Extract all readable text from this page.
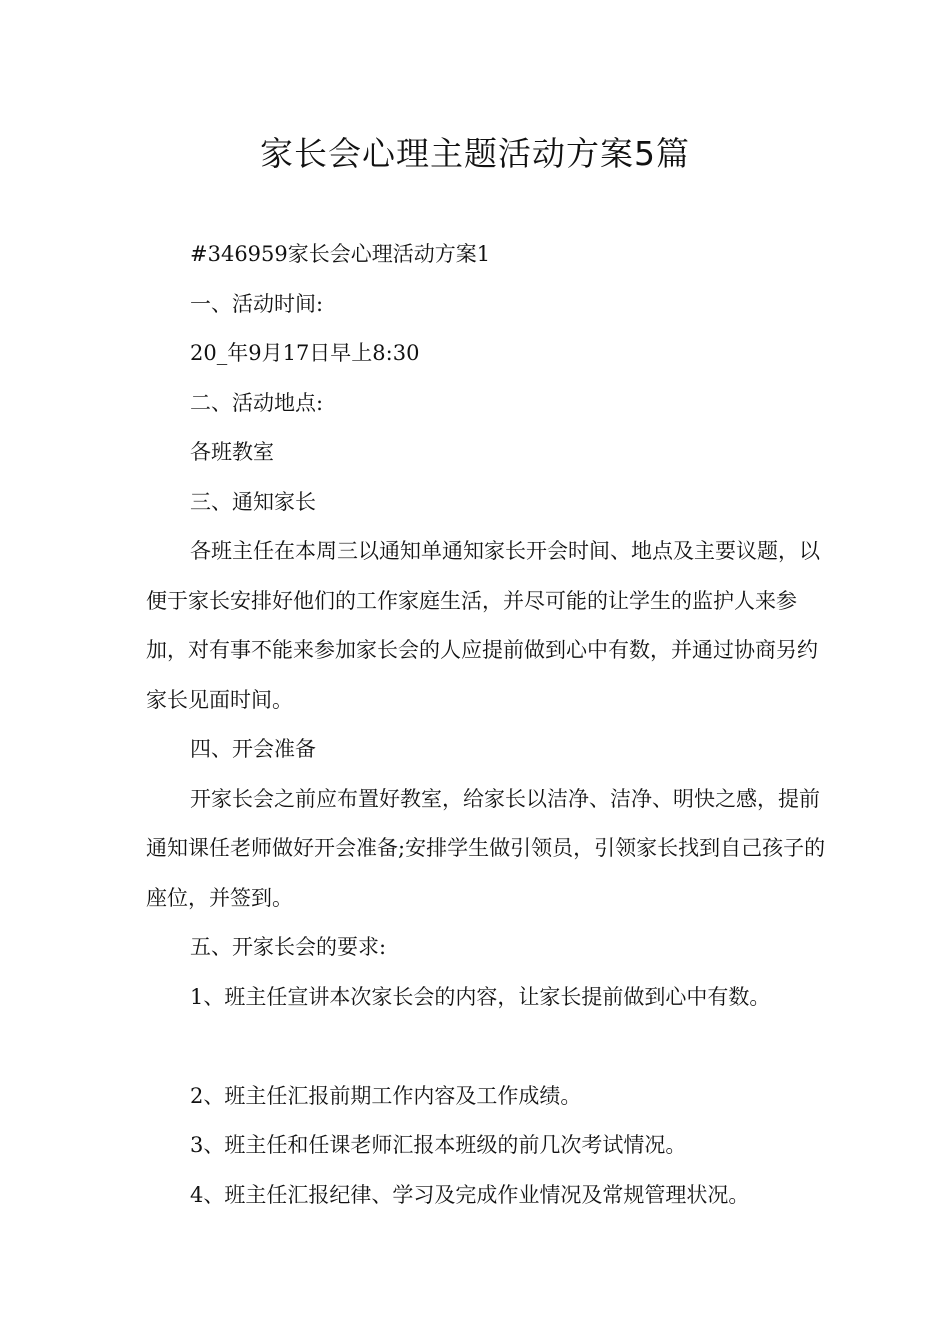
家长会心理主题活动方案5篇

#346959家长会心理活动方案1

一、活动时间:

20_年9月17日早上8:30

二、活动地点:

各班教室

三、通知家长

各班主任在本周三以通知单通知家长开会时间、地点及主要议题，以便于家长安排好他们的工作家庭生活，并尽可能的让学生的监护人来参加，对有事不能来参加家长会的人应提前做到心中有数，并通过协商另约家长见面时间。

四、开会准备

开家长会之前应布置好教室，给家长以洁净、洁净、明快之感，提前通知课任老师做好开会准备;安排学生做引领员，引领家长找到自己孩子的座位，并签到。

五、开家长会的要求:

1、班主任宣讲本次家长会的内容，让家长提前做到心中有数。

2、班主任汇报前期工作内容及工作成绩。

3、班主任和任课老师汇报本班级的前几次考试情况。

4、班主任汇报纪律、学习及完成作业情况及常规管理状况。
